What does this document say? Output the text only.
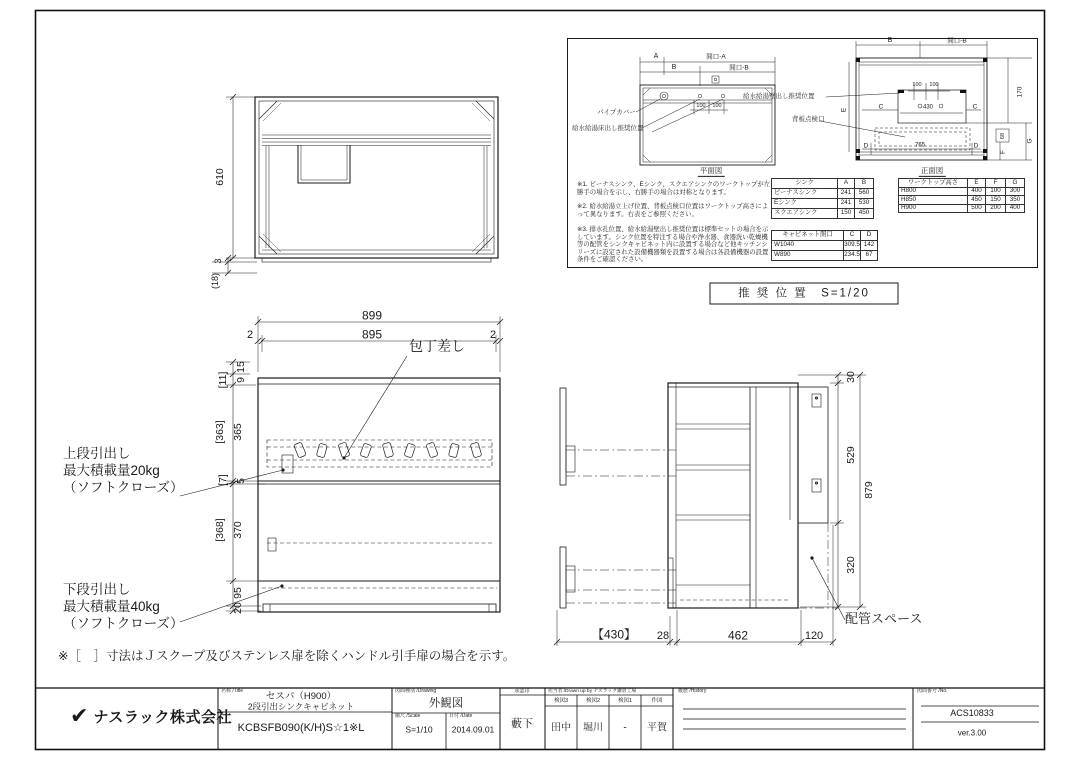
610
3
(18)
899
2	895	2
包丁差し
15
9
[11]
365
[363]
5
[7]
370
[368]
95
20
上段引出し
最大積載量20kg
（ソフトクローズ）
下段引出し
最大積載量40kg
（ソフトクローズ）
30
529
320
879
【430】 28	462	120
配管スペース
※［　］寸法はＪスクープ及びステンレス扉を除くハンドル引手扉の場合を示す。
推 奨 位 置　S=1/20
A	開口-A
B	開口-B
100 100
パイプカバー
給水給湯床出し推奨位置
平面図
B	開口-B
100 100
430
C	C
E
170
D	765	D
F
68
G
給水給湯壁出し推奨位置
背板点検口
正面図
※1. ビーナスシンク、Eシンク、スクエアシンクのワークトップが左勝手の場合を示し、右勝手の場合は対称となります。
※2. 給水給湯立上げ位置、背板点検口位置はワークトップ高さによって異なります。右表をご参照ください。
※3. 排水孔位置、給水給湯壁出し推奨位置は標準セットの場合を示しています。シンク位置を特注する場合や浄水器、食器洗い乾燥機等の配管をシンクキャビネット内に設置する場合など他キッチンシリーズに設定された設備機器類を設置する場合は各設備機器の設置条件をご確認ください。
シンク	A	B
ビーナスシンク	241	560
Eシンク	241	530
スクエアシンク	150	450
キャビネット開口	C	D
W1040	309.5	142
W890	234.5	67
ワークトップ高さ	E	F	G
H800	400	100	300
H850	450	150	350
H900	500	200	400
✔ ナスラック株式会社
名称 /Title セスパ（H900）
2段引出シンクキャビネット
KCBSFB090(K/H)S☆1※L
図面種別 /Drawing
外観図
縮尺 /Scale
S=1/10
日付 /Date
2014.09.01
承認印
藪下
担当者 /Drawn up by ナスラック鎌倉工場
検図3	検図2	検図1	作図
田中 堀川 - 平賀
履歴 /History	図面番号 /No.
ACS10833
ver.3.00
